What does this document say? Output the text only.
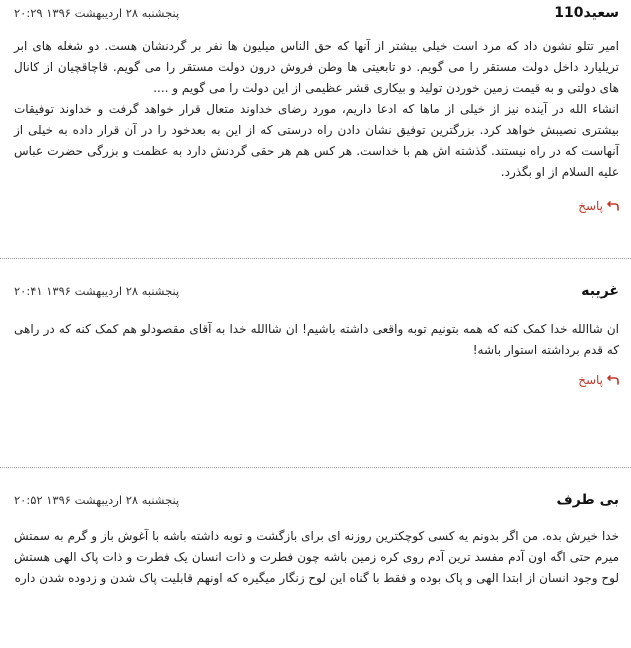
سعید110
پنجشنبه ۲۸ اردیبهشت ۱۳۹۶ ۲۰:۲۹

امیر تتلو نشون داد که مرد است خیلی بیشتر از آنها که حق الناس میلیون ها نفر بر گردنشان هست. دو شغله های ابر تریلیارد داخل دولت مستقر را می گویم. دو تابعیتی ها وطن فروش درون دولت مستقر را می گویم. قاچاقچیان از کانال های دولتی و به قیمت زمین خوردن تولید و بیکاری قشر عظیمی از این دولت را می گویم و ....

انشاء الله در آینده نیز از خیلی از ماها که ادعا داریم، مورد رضای خداوند متعال قرار خواهد گرفت و خداوند توفیقات بیشتری نصیبش خواهد کرد. بزرگترین توفیق نشان دادن راه درستی که از این به بعدخود را در آن قرار داده به خیلی از آنهاست که در راه نیستند. گذشته اش هم با خداست. هر کس هم هر حقی گردنش دارد به عظمت و بزرگی حضرت عباس علیه السلام از او بگذرد.

پاسخ
غریبه
پنجشنبه ۲۸ اردیبهشت ۱۳۹۶ ۲۰:۴۱

ان شاالله خدا کمک کنه که همه بتونیم توبه واقعی داشته باشیم! ان شاالله خدا به آقای مقصودلو هم کمک کنه که در راهی که قدم برداشته استوار باشه!

پاسخ
بی طرف
پنجشنبه ۲۸ اردیبهشت ۱۳۹۶ ۲۰:۵۲

خدا خیرش بده. من اگر بدونم یه کسی کوچکترین روزنه ای برای بازگشت و توبه داشته باشه با آغوش باز و گرم به سمتش میرم حتی اگه اون آدم مفسد ترین آدم روی کره زمین باشه چون فطرت و ذات انسان یک فطرت و ذات پاک الهی هستش لوح وجود انسان از ابتدا الهی و پاک بوده و فقط با گناه این لوح زنگار میگیره که اونهم قابلیت پاک شدن و زدوده شدن داره
